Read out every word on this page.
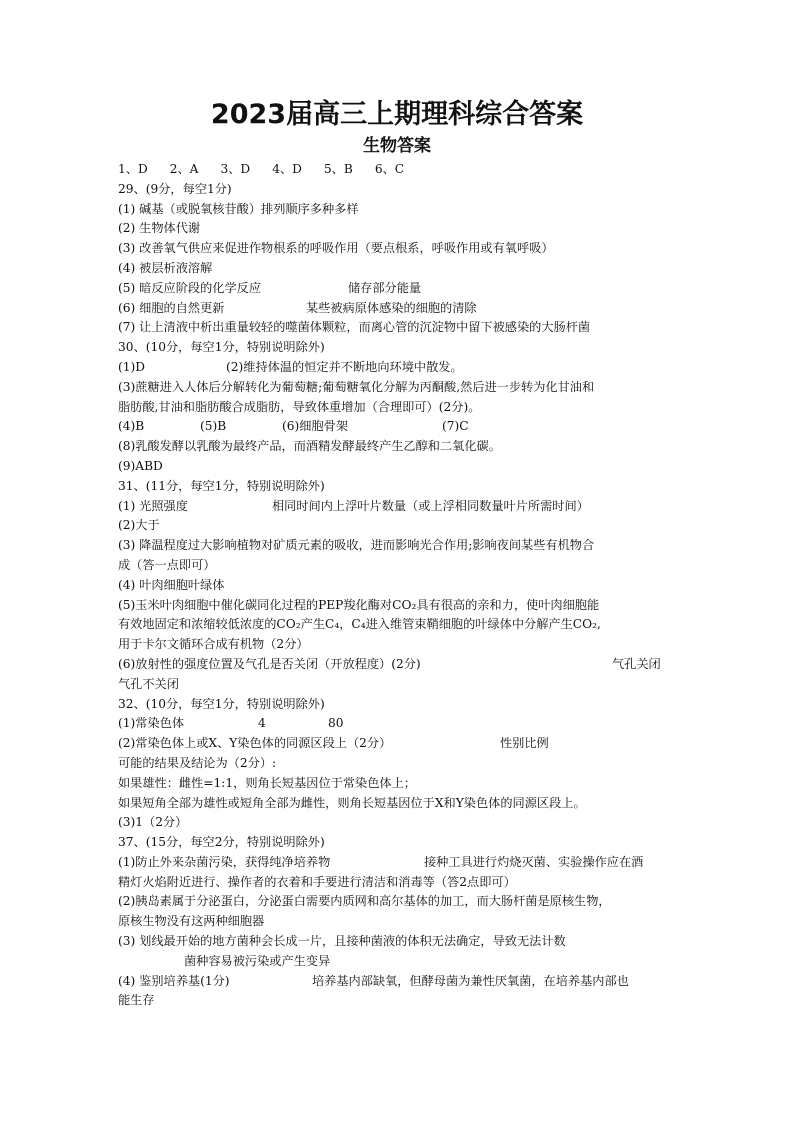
2023届高三上期理科综合答案
生物答案
1、D 2、A 3、D 4、D 5、B 6、C
29、(9分，每空1分)
(1) 碱基（或脱氧核苷酸）排列顺序多种多样
(2) 生物体代谢
(3) 改善氧气供应来促进作物根系的呼吸作用（要点根系，呼吸作用或有氧呼吸）
(4) 被层析液溶解
(5) 暗反应阶段的化学反应	储存部分能量
(6) 细胞的自然更新	某些被病原体感染的细胞的清除
(7) 让上清液中析出重量较轻的噬菌体颗粒，而离心管的沉淀物中留下被感染的大肠杆菌
30、(10分，每空1分，特别说明除外)
(1)D	(2)维持体温的恒定并不断地向环境中散发。
(3)蔗糖进入人体后分解转化为葡萄糖;葡萄糖氧化分解为丙酮酸,然后进一步转为化甘油和
脂肪酸,甘油和脂肪酸合成脂肪，导致体重增加（合理即可）(2分)。
(4)B	(5)B	(6)细胞骨架	(7)C
(8)乳酸发酵以乳酸为最终产品，而酒精发酵最终产生乙醇和二氧化碳。
(9)ABD
31、(11分，每空1分，特别说明除外)
(1) 光照强度	相同时间内上浮叶片数量（或上浮相同数量叶片所需时间）
(2)大于
(3) 降温程度过大影响植物对矿质元素的吸收，进而影响光合作用;影响夜间某些有机物合
成（答一点即可）
(4) 叶肉细胞叶绿体
(5)玉米叶肉细胞中催化碳同化过程的PEP羧化酶对CO₂具有很高的亲和力，使叶肉细胞能
有效地固定和浓缩较低浓度的CO₂产生C₄，C₄进入维管束鞘细胞的叶绿体中分解产生CO₂,
用于卡尔文循环合成有机物（2分）
(6)放射性的强度位置及气孔是否关闭（开放程度）(2分)	气孔关闭
气孔不关闭
32、(10分，每空1分，特别说明除外)
(1)常染色体	4	80
(2)常染色体上或X、Y染色体的同源区段上（2分）	性别比例
可能的结果及结论为（2分）:
如果雄性：雌性=1:1，则角长短基因位于常染色体上；
如果短角全部为雄性或短角全部为雌性，则角长短基因位于X和Y染色体的同源区段上。
(3)1（2分）
37、(15分，每空2分，特别说明除外)
(1)防止外来杂菌污染，获得纯净培养物	接种工具进行灼烧灭菌、实验操作应在酒
精灯火焰附近进行、操作者的衣着和手要进行清洁和消毒等（答2点即可）
(2)胰岛素属于分泌蛋白，分泌蛋白需要内质网和高尔基体的加工，而大肠杆菌是原核生物，
原核生物没有这两种细胞器
(3) 划线最开始的地方菌种会长成一片，且接种菌液的体积无法确定，导致无法计数
菌种容易被污染或产生变异
(4) 鉴别培养基(1分)	培养基内部缺氧，但酵母菌为兼性厌氧菌，在培养基内部也
能生存
